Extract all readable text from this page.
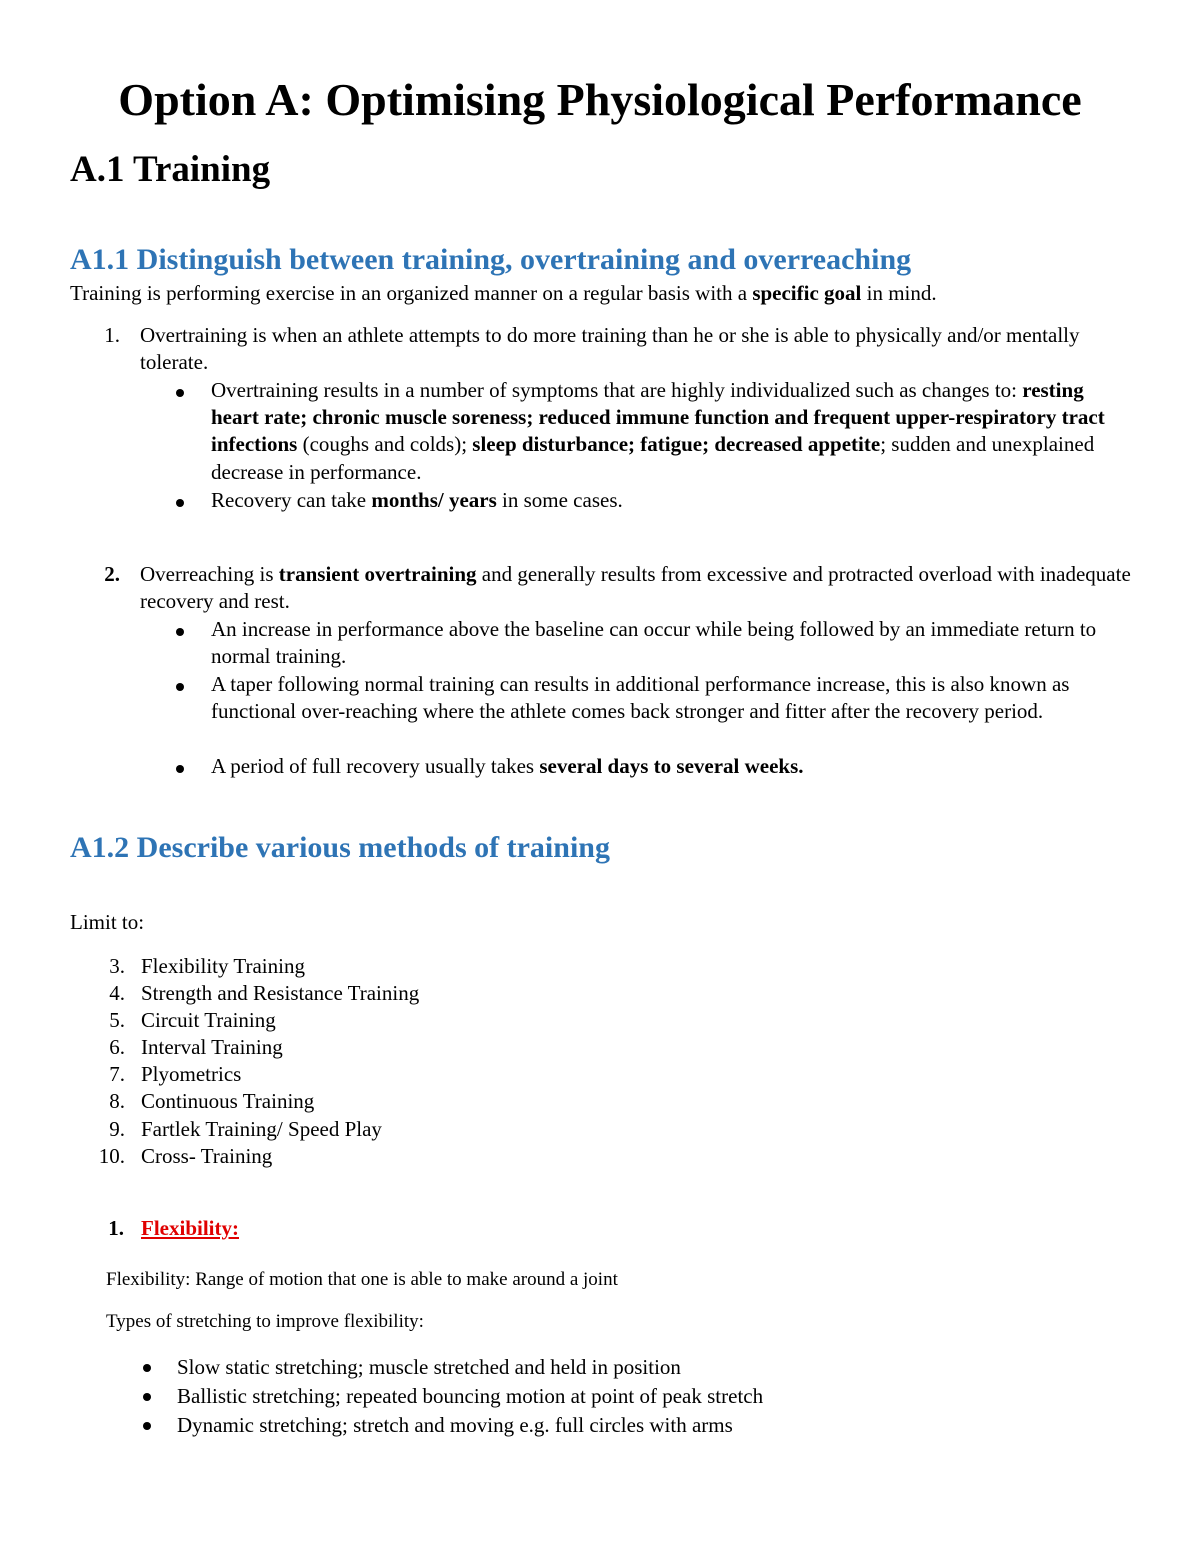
Option A: Optimising Physiological Performance
A.1 Training
A1.1 Distinguish between training, overtraining and overreaching

Training is performing exercise in an organized manner on a regular basis with a specific goal in mind.

1. Overtraining is when an athlete attempts to do more training than he or she is able to physically and/or mentally tolerate.

Overtraining results in a number of symptoms that are highly individualized such as changes to: resting heart rate; chronic muscle soreness; reduced immune function and frequent upper-respiratory tract infections (coughs and colds); sleep disturbance; fatigue; decreased appetite; sudden and unexplained decrease in performance.

Recovery can take months/ years in some cases.

2. Overreaching is transient overtraining and generally results from excessive and protracted overload with inadequate recovery and rest.

An increase in performance above the baseline can occur while being followed by an immediate return to normal training.

A taper following normal training can results in additional performance increase, this is also known as functional over-reaching where the athlete comes back stronger and fitter after the recovery period.

A period of full recovery usually takes several days to several weeks.

A1.2 Describe various methods of training

Limit to:

3. Flexibility Training
4. Strength and Resistance Training
5. Circuit Training
6. Interval Training
7. Plyometrics
8. Continuous Training
9. Fartlek Training/ Speed Play
10. Cross- Training
1. Flexibility:

Flexibility: Range of motion that one is able to make around a joint

Types of stretching to improve flexibility:

Slow static stretching; muscle stretched and held in position
Ballistic stretching; repeated bouncing motion at point of peak stretch
Dynamic stretching; stretch and moving e.g. full circles with arms
